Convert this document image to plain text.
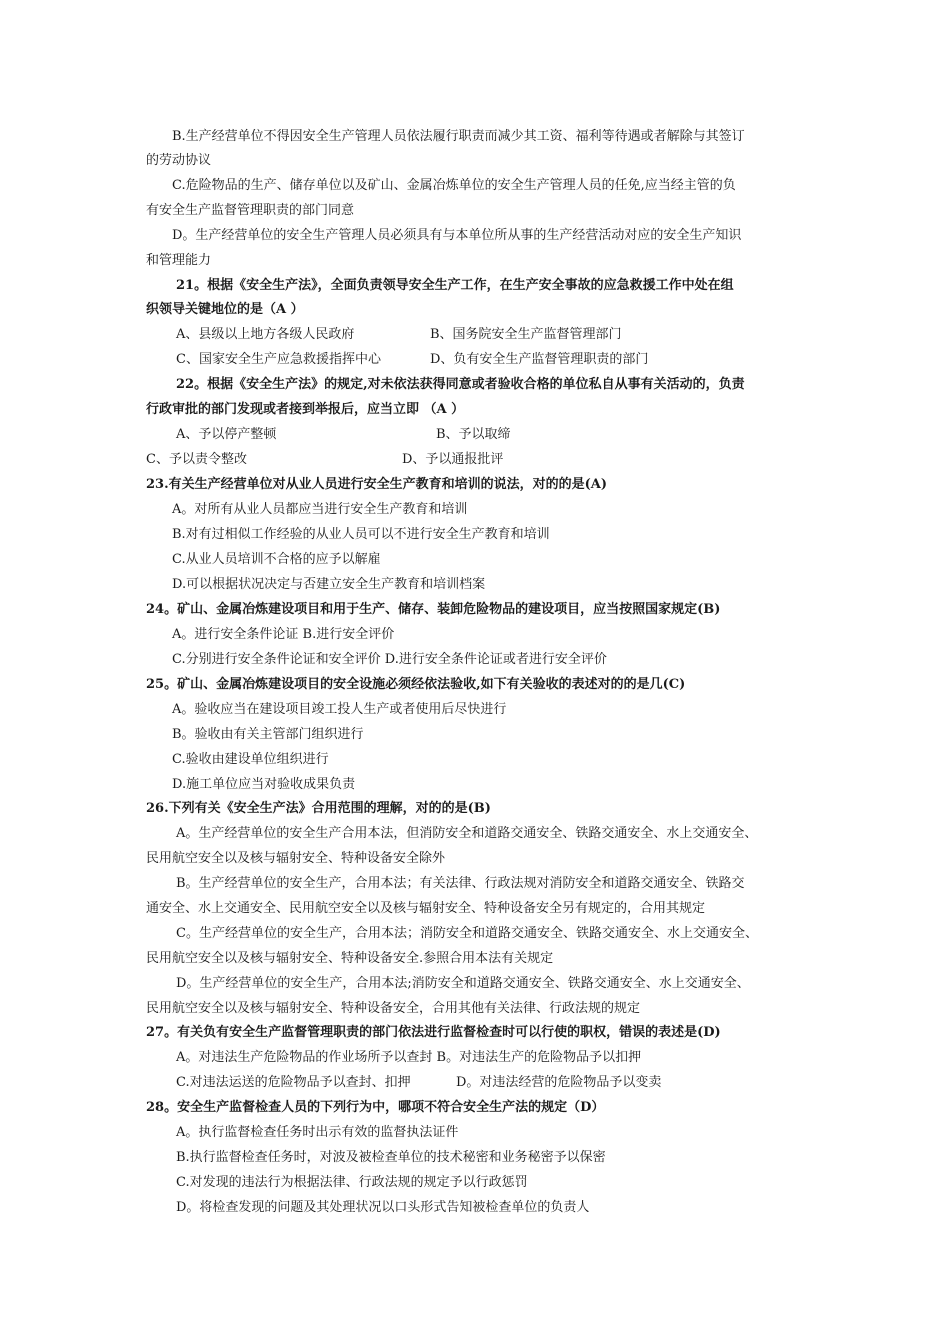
B.生产经营单位不得因安全生产管理人员依法履行职责而减少其工资、福利等待遇或者解除与其签订
的劳动协议
C.危险物品的生产、储存单位以及矿山、金属冶炼单位的安全生产管理人员的任免,应当经主管的负
有安全生产监督管理职责的部门同意
D。生产经营单位的安全生产管理人员必须具有与本单位所从事的生产经营活动对应的安全生产知识
和管理能力
21。根据《安全生产法》，全面负责领导安全生产工作，在生产安全事故的应急救援工作中处在组
织领导关键地位的是（A ）
A、县级以上地方各级人民政府	B、国务院安全生产监督管理部门
C、国家安全生产应急救援指挥中心	D、负有安全生产监督管理职责的部门
22。根据《安全生产法》的规定,对未依法获得同意或者验收合格的单位私自从事有关活动的，负责
行政审批的部门发现或者接到举报后，应当立即 （A ）
A、予以停产整顿	B、予以取缔
C、予以责令整改	D、予以通报批评
23.有关生产经营单位对从业人员进行安全生产教育和培训的说法，对的的是(A)
A。对所有从业人员都应当进行安全生产教育和培训
B.对有过相似工作经验的从业人员可以不进行安全生产教育和培训
C.从业人员培训不合格的应予以解雇
D.可以根据状况决定与否建立安全生产教育和培训档案
24。矿山、金属冶炼建设项目和用于生产、储存、装卸危险物品的建设项目，应当按照国家规定(B)
A。进行安全条件论证 B.进行安全评价
C.分别进行安全条件论证和安全评价 D.进行安全条件论证或者进行安全评价
25。矿山、金属冶炼建设项目的安全设施必须经依法验收,如下有关验收的表述对的的是几(C)
A。验收应当在建设项目竣工投人生产或者使用后尽快进行
B。验收由有关主管部门组织进行
C.验收由建设单位组织进行
D.施工单位应当对验收成果负责
26.下列有关《安全生产法》合用范围的理解，对的的是(B)
A。生产经营单位的安全生产合用本法，但消防安全和道路交通安全、铁路交通安全、水上交通安全、
民用航空安全以及核与辐射安全、特种设备安全除外
B。生产经营单位的安全生产，合用本法；有关法律、行政法规对消防安全和道路交通安全、铁路交
通安全、水上交通安全、民用航空安全以及核与辐射安全、特种设备安全另有规定的，合用其规定
C。生产经营单位的安全生产，合用本法；消防安全和道路交通安全、铁路交通安全、水上交通安全、
民用航空安全以及核与辐射安全、特种设备安全.参照合用本法有关规定
D。生产经营单位的安全生产，合用本法;消防安全和道路交通安全、铁路交通安全、水上交通安全、
民用航空安全以及核与辐射安全、特种设备安全，合用其他有关法律、行政法规的规定
27。有关负有安全生产监督管理职责的部门依法进行监督检查时可以行使的职权，错误的表述是(D)
A。对违法生产危险物品的作业场所予以查封 B。对违法生产的危险物品予以扣押
C.对违法运送的危险物品予以查封、扣押	D。对违法经营的危险物品予以变卖
28。安全生产监督检查人员的下列行为中，哪项不符合安全生产法的规定（D）
A。执行监督检查任务时出示有效的监督执法证件
B.执行监督检查任务时，对波及被检查单位的技术秘密和业务秘密予以保密
C.对发现的违法行为根据法律、行政法规的规定予以行政惩罚
D。将检查发现的问题及其处理状况以口头形式告知被检查单位的负责人
